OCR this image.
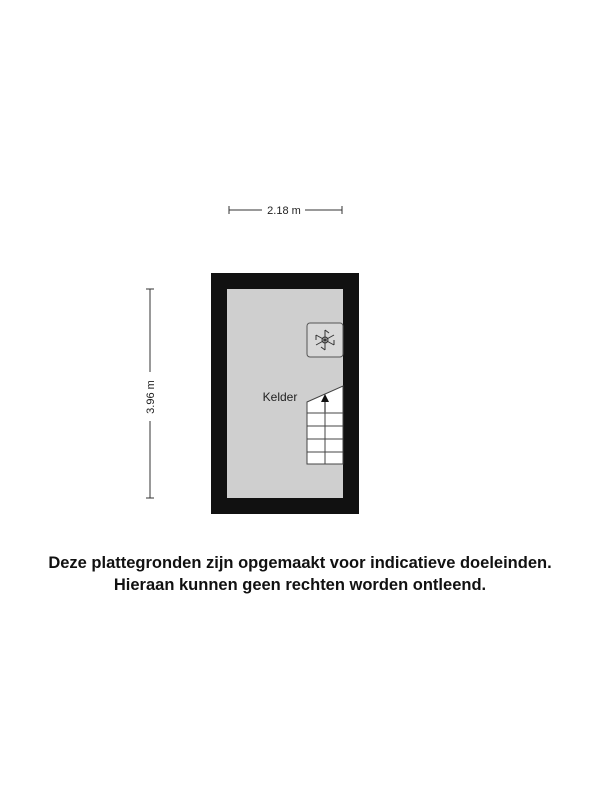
2.18 m
3.96 m	Kelder
Deze plattegronden zijn opgemaakt voor indicatieve doeleinden.
Hieraan kunnen geen rechten worden ontleend.
